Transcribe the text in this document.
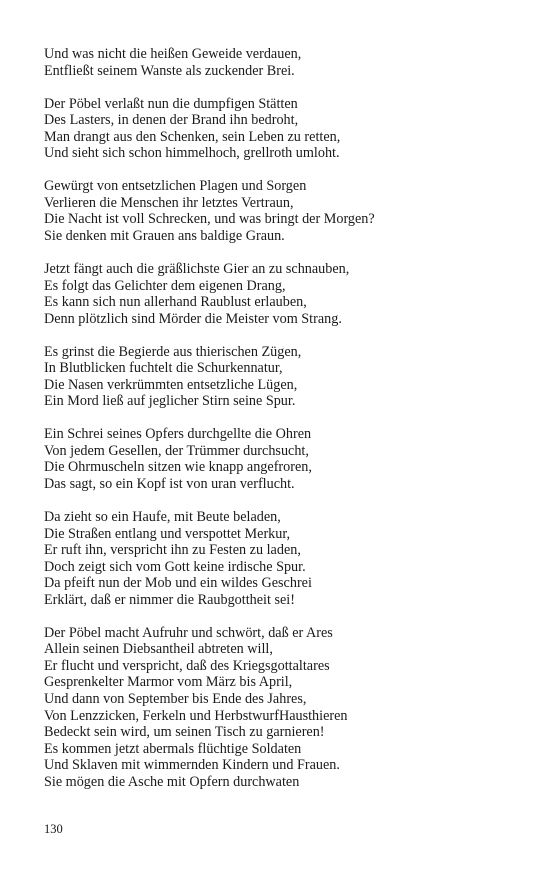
Und was nicht die heißen Geweide verdauen,
Entfließt seinem Wanste als zuckender Brei.
Der Pöbel verlaßt nun die dumpfigen Stätten
Des Lasters, in denen der Brand ihn bedroht,
Man drangt aus den Schenken, sein Leben zu retten,
Und sieht sich schon himmelhoch, grellroth umloht.
Gewürgt von entsetzlichen Plagen und Sorgen
Verlieren die Menschen ihr letztes Vertraun,
Die Nacht ist voll Schrecken, und was bringt der Morgen?
Sie denken mit Grauen ans baldige Graun.
Jetzt fängt auch die gräßlichste Gier an zu schnauben,
Es folgt das Gelichter dem eigenen Drang,
Es kann sich nun allerhand Raublust erlauben,
Denn plötzlich sind Mörder die Meister vom Strang.
Es grinst die Begierde aus thierischen Zügen,
In Blutblicken fuchtelt die Schurkennatur,
Die Nasen verkrümmten entsetzliche Lügen,
Ein Mord ließ auf jeglicher Stirn seine Spur.
Ein Schrei seines Opfers durchgellte die Ohren
Von jedem Gesellen, der Trümmer durchsucht,
Die Ohrmuscheln sitzen wie knapp angefroren,
Das sagt, so ein Kopf ist von uran verflucht.
Da zieht so ein Haufe, mit Beute beladen,
Die Straßen entlang und verspottet Merkur,
Er ruft ihn, verspricht ihn zu Festen zu laden,
Doch zeigt sich vom Gott keine irdische Spur.
Da pfeift nun der Mob und ein wildes Geschrei
Erklärt, daß er nimmer die Raubgottheit sei!
Der Pöbel macht Aufruhr und schwört, daß er Ares
Allein seinen Diebsantheil abtreten will,
Er flucht und verspricht, daß des Kriegsgottaltares
Gesprenkelter Marmor vom März bis April,
Und dann von September bis Ende des Jahres,
Von Lenzzicken, Ferkeln und HerbstwurfHausthieren
Bedeckt sein wird, um seinen Tisch zu garnieren!
Es kommen jetzt abermals flüchtige Soldaten
Und Sklaven mit wimmernden Kindern und Frauen.
Sie mögen die Asche mit Opfern durchwaten
130
